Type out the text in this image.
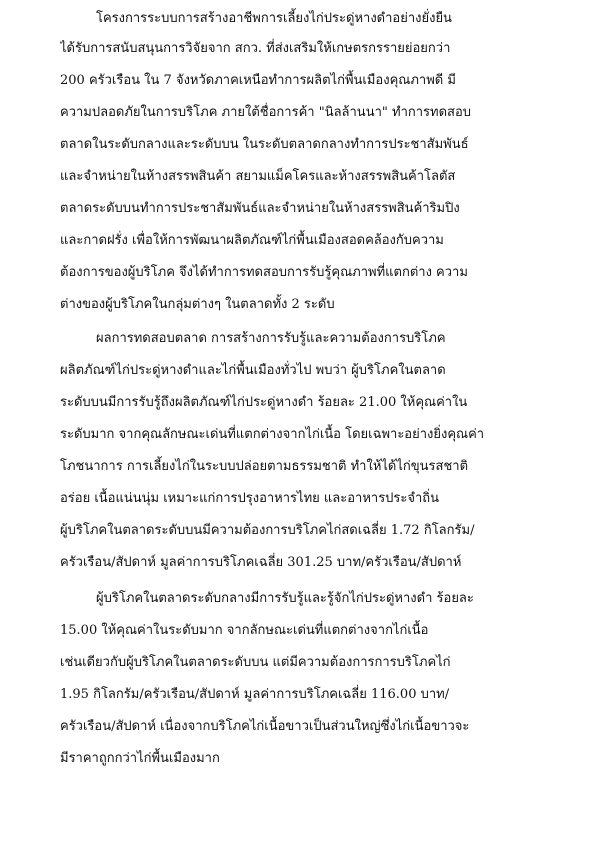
โครงการระบบการสร้างอาชีพการเลี้ยงไก่ประดู่หางดำอย่างยั่งยืน
ได้รับการสนับสนุนการวิจัยจาก สกว. ที่ส่งเสริมให้เกษตรกรรายย่อยกว่า
200 ครัวเรือน ใน 7 จังหวัดภาคเหนือทำการผลิตไก่พื้นเมืองคุณภาพดี มี
ความปลอดภัยในการบริโภค ภายใต้ชื่อการค้า "นิลล้านนา" ทำการทดสอบ
ตลาดในระดับกลางและระดับบน ในระดับตลาดกลางทำการประชาสัมพันธ์
และจำหน่ายในห้างสรรพสินค้า สยามแม็คโครและห้างสรรพสินค้าโลตัส
ตลาดระดับบนทำการประชาสัมพันธ์และจำหน่ายในห้างสรรพสินค้าริมปิง
และกาดฝรั่ง เพื่อให้การพัฒนาผลิตภัณฑ์ไก่พื้นเมืองสอดคล้องกับความ
ต้องการของผู้บริโภค จึงได้ทำการทดสอบการรับรู้คุณภาพที่แตกต่าง ความ
ต่างของผู้บริโภคในกลุ่มต่างๆ ในตลาดทั้ง 2 ระดับ
ผลการทดสอบตลาด การสร้างการรับรู้และความต้องการบริโภค
ผลิตภัณฑ์ไก่ประดู่หางดำและไก่พื้นเมืองทั่วไป พบว่า ผู้บริโภคในตลาด
ระดับบนมีการรับรู้ถึงผลิตภัณฑ์ไก่ประดู่หางดำ ร้อยละ 21.00 ให้คุณค่าใน
ระดับมาก จากคุณลักษณะเด่นที่แตกต่างจากไก่เนื้อ โดยเฉพาะอย่างยิ่งคุณค่า
โภชนาการ การเลี้ยงไก่ในระบบปล่อยตามธรรมชาติ ทำให้ได้ไก่ขุนรสชาติ
อร่อย เนื้อแน่นนุ่ม เหมาะแก่การปรุงอาหารไทย และอาหารประจำถิ่น
ผู้บริโภคในตลาดระดับบนมีความต้องการบริโภคไก่สดเฉลี่ย 1.72 กิโลกรัม/
ครัวเรือน/สัปดาห์ มูลค่าการบริโภคเฉลี่ย 301.25 บาท/ครัวเรือน/สัปดาห์
ผู้บริโภคในตลาดระดับกลางมีการรับรู้และรู้จักไก่ประดู่หางดำ ร้อยละ
15.00 ให้คุณค่าในระดับมาก จากลักษณะเด่นที่แตกต่างจากไก่เนื้อ
เช่นเดียวกับผู้บริโภคในตลาดระดับบน แต่มีความต้องการการบริโภคไก่
1.95 กิโลกรัม/ครัวเรือน/สัปดาห์ มูลค่าการบริโภคเฉลี่ย 116.00 บาท/
ครัวเรือน/สัปดาห์ เนื่องจากบริโภคไก่เนื้อขาวเป็นส่วนใหญ่ซึ่งไก่เนื้อขาวจะ
มีราคาถูกกว่าไก่พื้นเมืองมาก
